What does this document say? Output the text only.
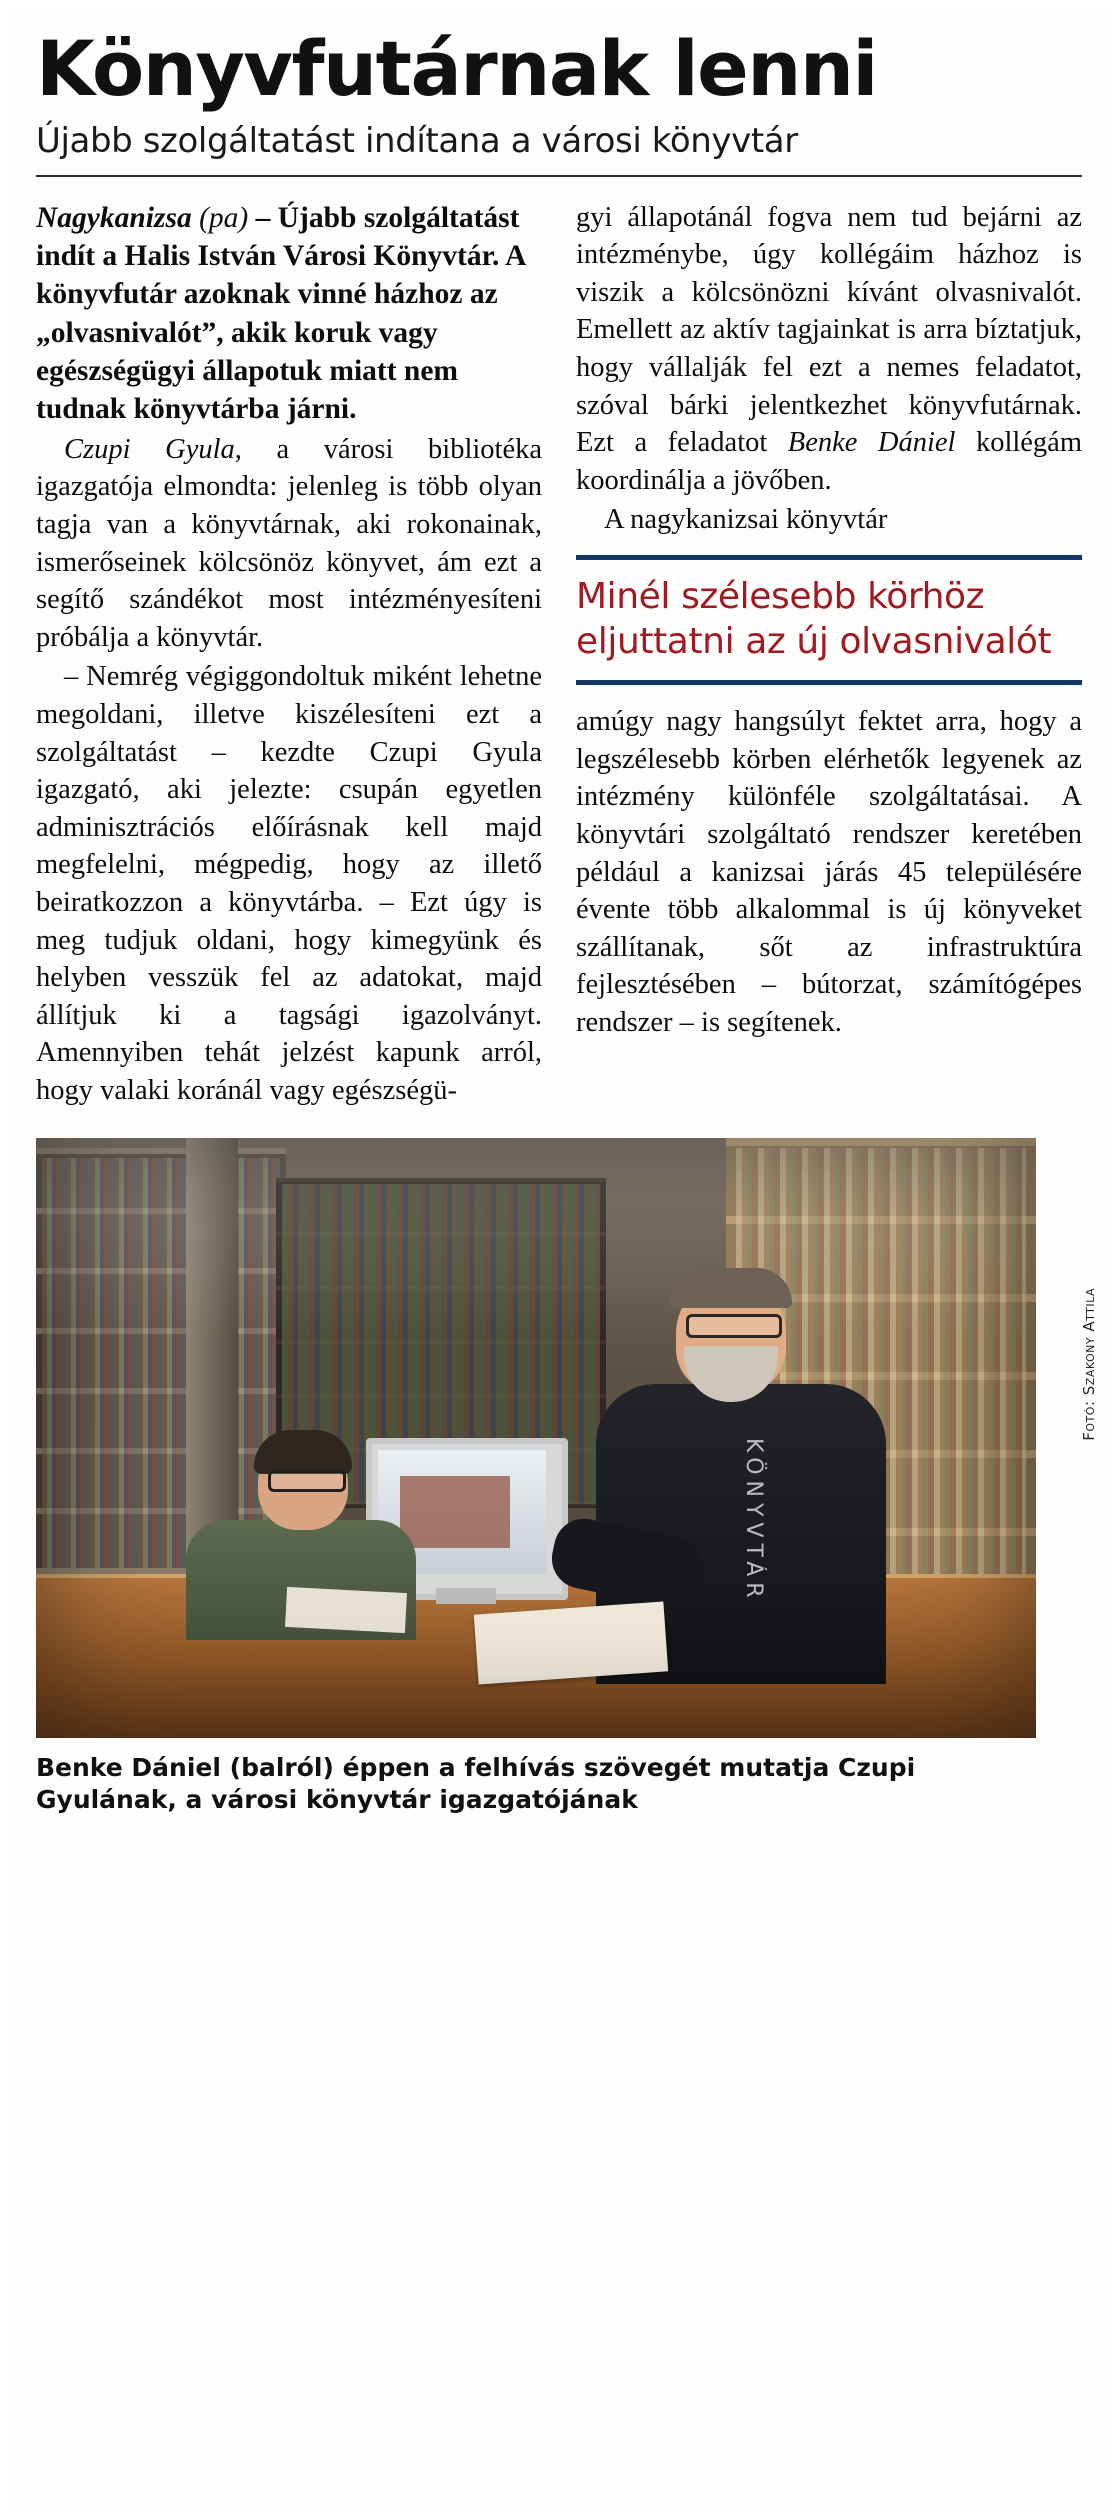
Könyvfutárnak lenni
Újabb szolgáltatást indítana a városi könyvtár

Nagykanizsa (pa) – Újabb szolgáltatást indít a Halis István Városi Könyvtár. A könyvfutár azoknak vinné házhoz az „olvasnivalót”, akik koruk vagy egészségügyi állapotuk miatt nem tudnak könyvtárba járni.

Czupi Gyula, a városi bibliotéka igazgatója elmondta: jelenleg is több olyan tagja van a könyvtárnak, aki rokonainak, ismerőseinek kölcsönöz könyvet, ám ezt a segítő szándékot most intézményesíteni próbálja a könyvtár.

– Nemrég végiggondoltuk miként lehetne megoldani, illetve kiszélesíteni ezt a szolgáltatást – kezdte Czupi Gyula igazgató, aki jelezte: csupán egyetlen adminisztrációs előírásnak kell majd megfelelni, mégpedig, hogy az illető beiratkozzon a könyvtárba. – Ezt úgy is meg tudjuk oldani, hogy kimegyünk és helyben vesszük fel az adatokat, majd állítjuk ki a tagsági igazolványt. Amennyiben tehát jelzést kapunk arról, hogy valaki koránál vagy egészségü-

gyi állapotánál fogva nem tud bejárni az intézménybe, úgy kollégáim házhoz is viszik a kölcsönözni kívánt olvasnivalót. Emellett az aktív tagjainkat is arra bíztatjuk, hogy vállalják fel ezt a nemes feladatot, szóval bárki jelentkezhet könyvfutárnak. Ezt a feladatot Benke Dániel kollégám koordinálja a jövőben.

A nagykanizsai könyvtár

Minél szélesebb körhöz eljuttatni az új olvasnivalót

amúgy nagy hangsúlyt fektet arra, hogy a legszélesebb körben elérhetők legyenek az intézmény különféle szolgáltatásai. A könyvtári szolgáltató rendszer keretében például a kanizsai járás 45 településére évente több alkalommal is új könyveket szállítanak, sőt az infrastruktúra fejlesztésében – bútorzat, számítógépes rendszer – is segítenek.

KÖNYVTÁR
Fotó: Szakony Attila
Benke Dániel (balról) éppen a felhívás szövegét mutatja Czupi Gyulának, a városi könyvtár igazgatójának
